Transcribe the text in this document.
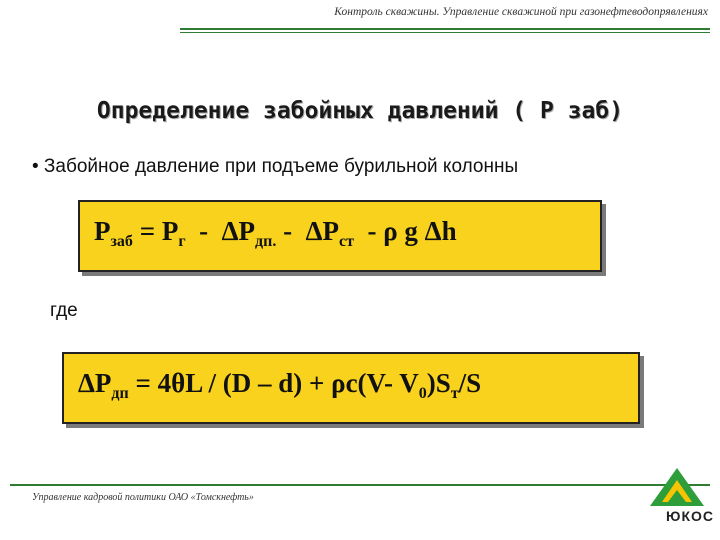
Контроль скважины. Управление скважиной при газонефтеводопрявлениях
Определение забойных давлений ( Р заб)
• Забойное давление при подъеме бурильной колонны
$Р_{заб} = Р_г - \Delta Р_{дп.} - \Delta Р_{ст} - \rho$ g Δh
где
$\Delta Р_{дп} = 4\theta L / (D - d) + \rho c(V-$ $V_0)S_т/S$
Управление кадровой политики ОАО «Томскнефть»
ЮКОС
